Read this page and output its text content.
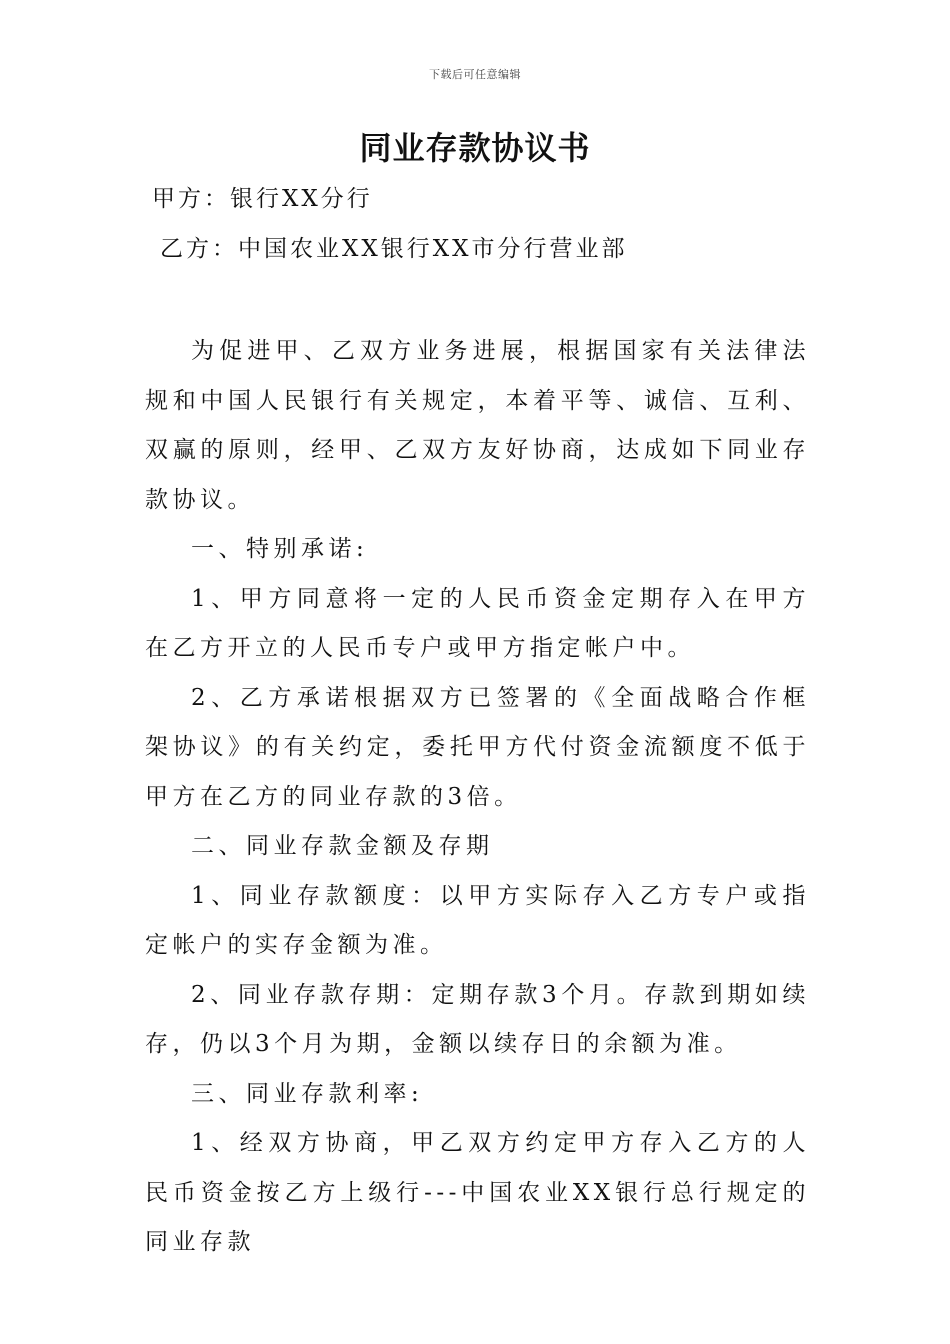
下载后可任意编辑
同业存款协议书
甲方：银行XX分行
乙方：中国农业XX银行XX市分行营业部

为促进甲、乙双方业务进展，根据国家有关法律法规和中国人民银行有关规定，本着平等、诚信、互利、双赢的原则，经甲、乙双方友好协商，达成如下同业存款协议。

一、特别承诺:

1、甲方同意将一定的人民币资金定期存入在甲方在乙方开立的人民币专户或甲方指定帐户中。

2、乙方承诺根据双方已签署的《全面战略合作框架协议》的有关约定，委托甲方代付资金流额度不低于甲方在乙方的同业存款的3倍。

二、同业存款金额及存期

1、同业存款额度：以甲方实际存入乙方专户或指定帐户的实存金额为准。

2、同业存款存期：定期存款3个月。存款到期如续存，仍以3个月为期，金额以续存日的余额为准。

三、同业存款利率:

1、经双方协商，甲乙双方约定甲方存入乙方的人民币资金按乙方上级行---中国农业XX银行总行规定的同业存款
